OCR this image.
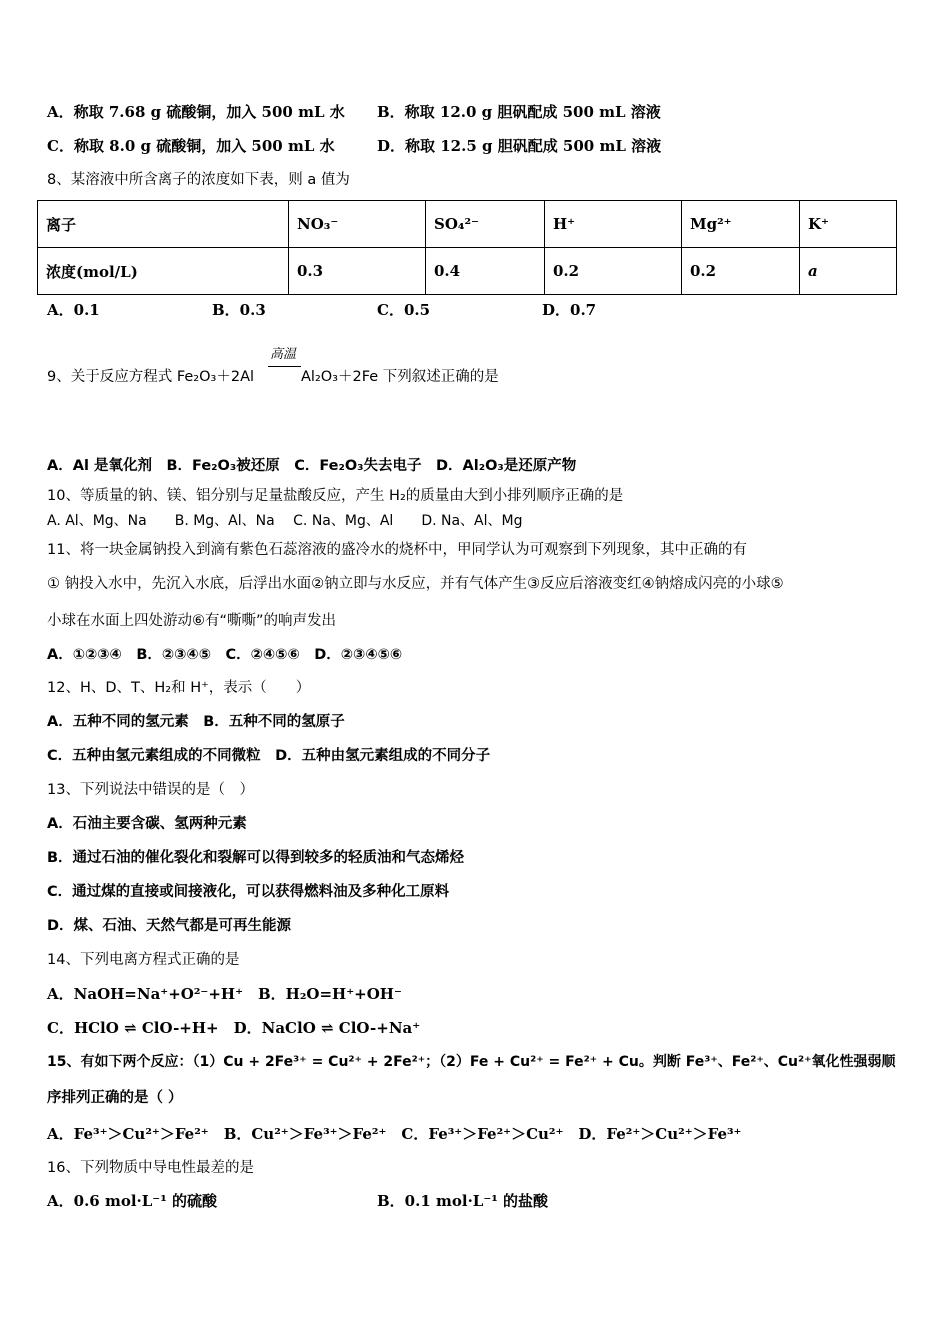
A．称取 7.68 g 硫酸铜，加入 500 mL 水 B．称取 12.0 g 胆矾配成 500 mL 溶液
C．称取 8.0 g 硫酸铜，加入 500 mL 水	D．称取 12.5 g 胆矾配成 500 mL 溶液
8、某溶液中所含离子的浓度如下表，则 a 值为
离子	NO₃⁻	SO₄²⁻	H⁺	Mg²⁺	K⁺
浓度(mol/L)	0.3	0.4	0.2	0.2	a
A．0.1	B．0.3	C．0.5	D．0.7
高温
9、关于反应方程式 Fe₂O₃＋2Al	Al₂O₃＋2Fe 下列叙述正确的是
A．Al 是氧化剂　B．Fe₂O₃被还原　C．Fe₂O₃失去电子　D．Al₂O₃是还原产物
10、等质量的钠、镁、铝分别与足量盐酸反应，产生 H₂的质量由大到小排列顺序正确的是
A. Al、Mg、Na　　B. Mg、Al、Na　 C. Na、Mg、Al　　D. Na、Al、Mg
11、将一块金属钠投入到滴有紫色石蕊溶液的盛冷水的烧杯中，甲同学认为可观察到下列现象，其中正确的有
① 钠投入水中，先沉入水底，后浮出水面②钠立即与水反应，并有气体产生③反应后溶液变红④钠熔成闪亮的小球⑤
小球在水面上四处游动⑥有“嘶嘶”的响声发出
A．①②③④　B．②③④⑤　C．②④⑤⑥　D．②③④⑤⑥
12、H、D、T、H₂和 H⁺，表示（　　）
A．五种不同的氢元素　B．五种不同的氢原子
C．五种由氢元素组成的不同微粒　D．五种由氢元素组成的不同分子
13、下列说法中错误的是（　）
A．石油主要含碳、氢两种元素
B．通过石油的催化裂化和裂解可以得到较多的轻质油和气态烯烃
C．通过煤的直接或间接液化，可以获得燃料油及多种化工原料
D．煤、石油、天然气都是可再生能源
14、下列电离方程式正确的是
A．NaOH=Na⁺+O²⁻+H⁺　B．H₂O=H⁺+OH⁻
C．HClO ⇌ ClO-+H+　D．NaClO ⇌ ClO-+Na⁺
15、有如下两个反应：（1）Cu + 2Fe³⁺ = Cu²⁺ + 2Fe²⁺；（2）Fe + Cu²⁺ = Fe²⁺ + Cu。判断 Fe³⁺、Fe²⁺、Cu²⁺氧化性强弱顺
序排列正确的是（ ）
A．Fe³⁺＞Cu²⁺＞Fe²⁺　B．Cu²⁺＞Fe³⁺＞Fe²⁺　C．Fe³⁺＞Fe²⁺＞Cu²⁺　D．Fe²⁺＞Cu²⁺＞Fe³⁺
16、下列物质中导电性最差的是
A．0.6 mol·L⁻¹ 的硫酸	B．0.1 mol·L⁻¹ 的盐酸
